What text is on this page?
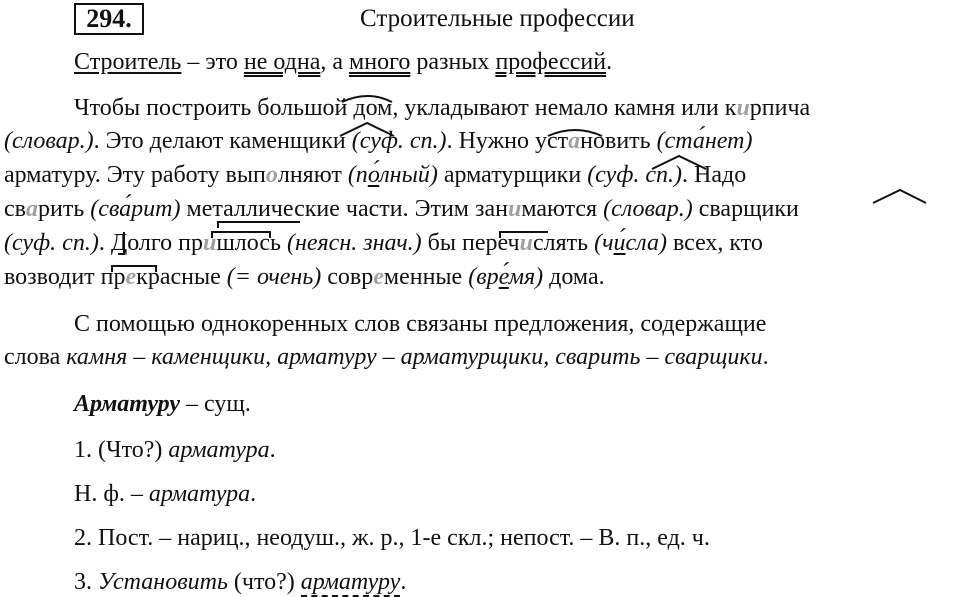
294.	Строительные профессии
Строитель – это не одна, а много разных профессий.
Чтобы построить большой дом, укладывают немало камня или кирпича
(словар.). Это делают каменщики (суф. сп.). Нужно установить (ста́нет)
арматуру. Эту работу выполняют (по́лный) арматурщики (суф. сп.). Надо
сварить (сва́рит) металлические части. Этим занимаются (словар.) сварщики
(суф. сп.). Долго пришлось (неясн. знач.) бы перечислять (чи́сла) всех, кто
возводит прекрасные (= очень) современные (вре́мя) дома.
С помощью однокоренных слов связаны предложения, содержащие
слова камня – каменщики, арматуру – арматурщики, сварить – сварщики.
Арматуру – сущ.
1. (Что?) арматура.
Н. ф. – арматура.
2. Пост. – нариц., неодуш., ж. р., 1-е скл.; непост. – В. п., ед. ч.
3. Установить (что?) арматуру.
